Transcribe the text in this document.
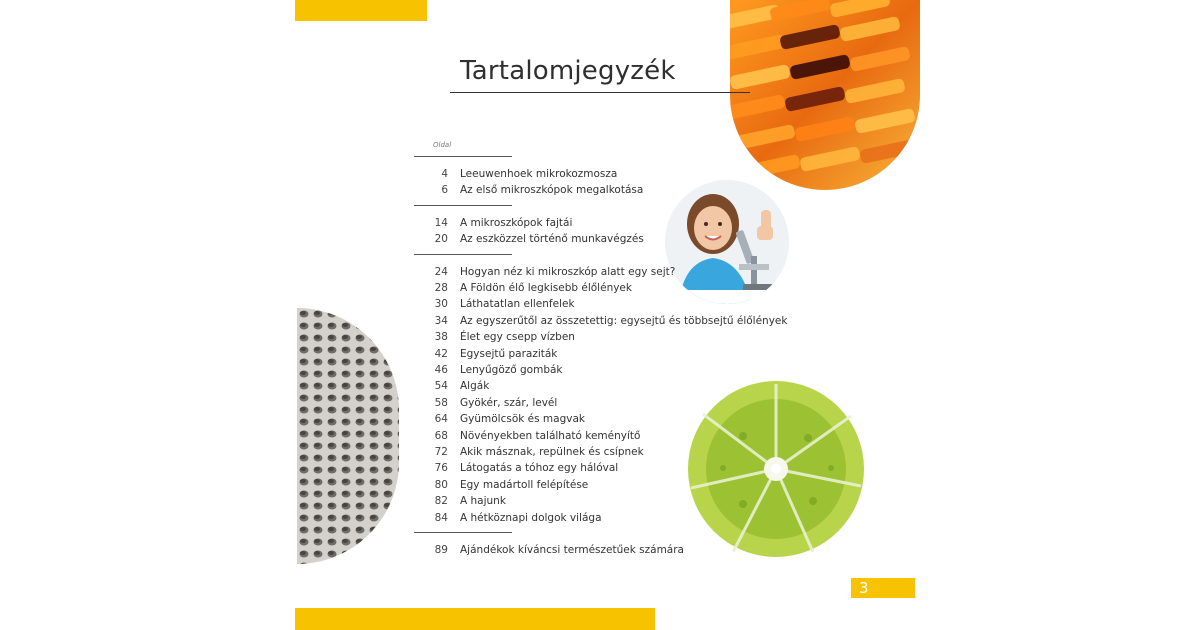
Tartalomjegyzék
Oldal
4 Leeuwenhoek mikrokozmosza
6 Az első mikroszkópok megalkotása
14 A mikroszkópok fajtái
20 Az eszközzel történő munkavégzés
24 Hogyan néz ki mikroszkóp alatt egy sejt?
28 A Földön élő legkisebb élőlények
30 Láthatatlan ellenfelek
34 Az egyszerűtől az összetettig: egysejtű és többsejtű élőlények
38 Élet egy csepp vízben
42 Egysejtű paraziták
46 Lenyűgöző gombák
54 Algák
58 Gyökér, szár, levél
64 Gyümölcsök és magvak
68 Növényekben található keményítő
72 Akik másznak, repülnek és csípnek
76 Látogatás a tóhoz egy hálóval
80 Egy madártoll felépítése
82 A hajunk
84 A hétköznapi dolgok világa
89 Ajándékok kíváncsi természetűek számára
3
